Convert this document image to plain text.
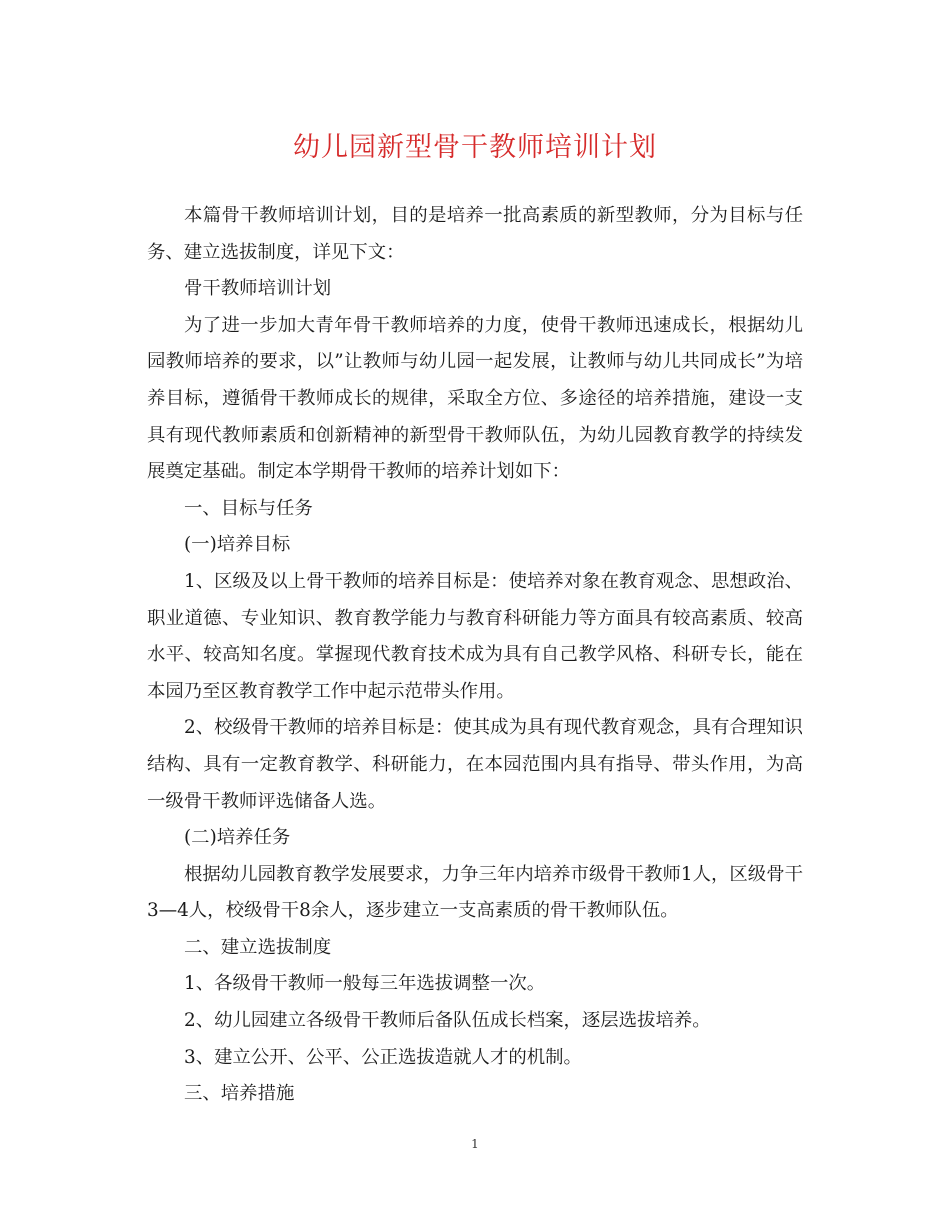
幼儿园新型骨干教师培训计划

本篇骨干教师培训计划，目的是培养一批高素质的新型教师，分为目标与任务、建立选拔制度，详见下文：

骨干教师培训计划

为了进一步加大青年骨干教师培养的力度，使骨干教师迅速成长，根据幼儿园教师培养的要求，以”让教师与幼儿园一起发展，让教师与幼儿共同成长”为培养目标，遵循骨干教师成长的规律，采取全方位、多途径的培养措施，建设一支具有现代教师素质和创新精神的新型骨干教师队伍，为幼儿园教育教学的持续发展奠定基础。制定本学期骨干教师的培养计划如下：

一、目标与任务

(一)培养目标

1、区级及以上骨干教师的培养目标是：使培养对象在教育观念、思想政治、职业道德、专业知识、教育教学能力与教育科研能力等方面具有较高素质、较高水平、较高知名度。掌握现代教育技术成为具有自己教学风格、科研专长，能在本园乃至区教育教学工作中起示范带头作用。

2、校级骨干教师的培养目标是：使其成为具有现代教育观念，具有合理知识结构、具有一定教育教学、科研能力，在本园范围内具有指导、带头作用，为高一级骨干教师评选储备人选。

(二)培养任务

根据幼儿园教育教学发展要求，力争三年内培养市级骨干教师1人，区级骨干3—4人，校级骨干8余人，逐步建立一支高素质的骨干教师队伍。

二、建立选拔制度

1、各级骨干教师一般每三年选拔调整一次。

2、幼儿园建立各级骨干教师后备队伍成长档案，逐层选拔培养。

3、建立公开、公平、公正选拔造就人才的机制。

三、培养措施

1
